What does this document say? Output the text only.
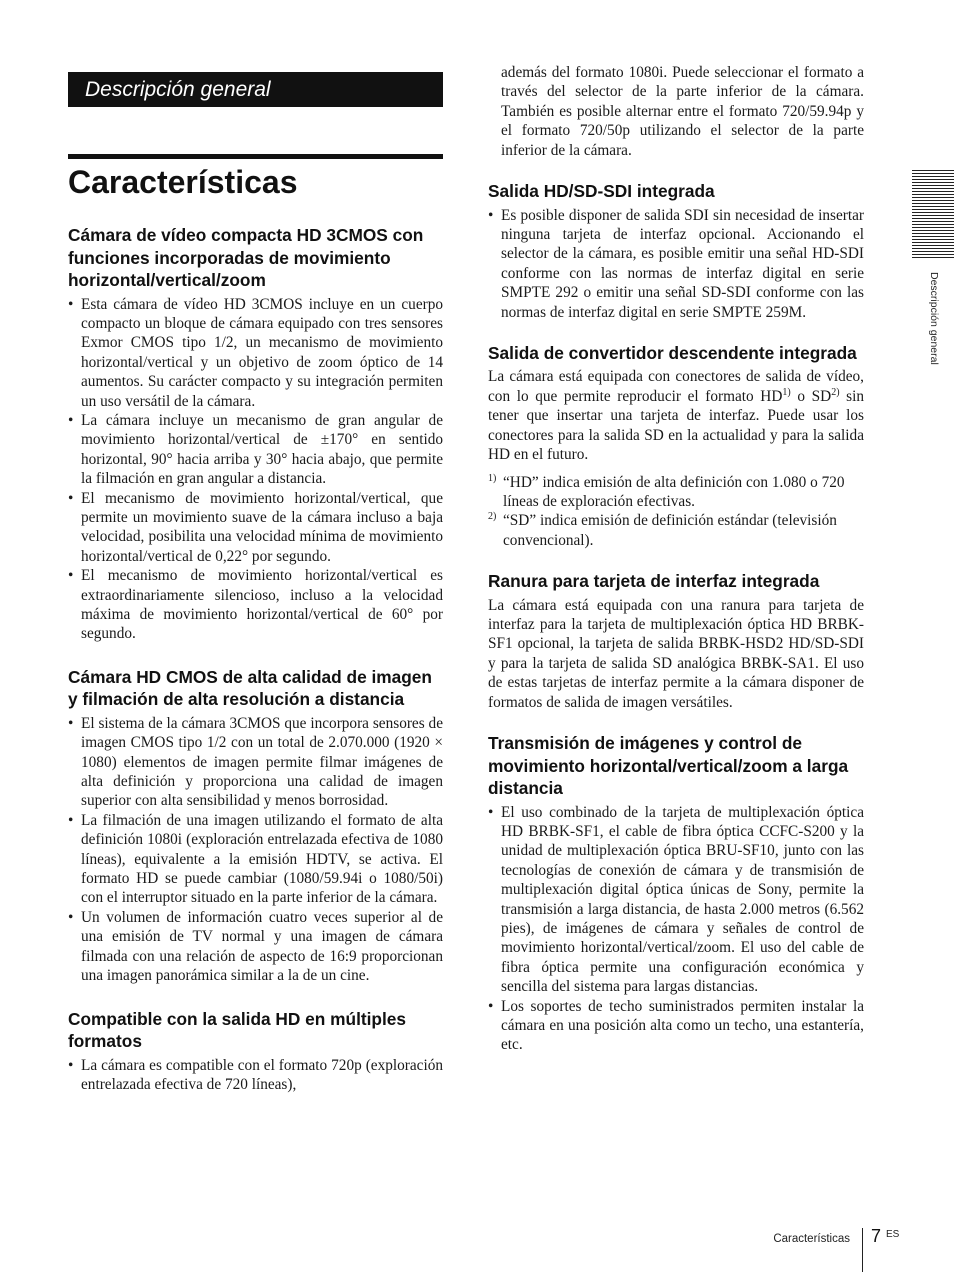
Descripción general
Características
Cámara de vídeo compacta HD 3CMOS con funciones incorporadas de movimiento horizontal/vertical/zoom
• Esta cámara de vídeo HD 3CMOS incluye en un cuerpo compacto un bloque de cámara equipado con tres sensores Exmor CMOS tipo 1/2, un mecanismo de movimiento horizontal/vertical y un objetivo de zoom óptico de 14 aumentos. Su carácter compacto y su integración permiten un uso versátil de la cámara.
• La cámara incluye un mecanismo de gran angular de movimiento horizontal/vertical de ±170° en sentido horizontal, 90° hacia arriba y 30° hacia abajo, que permite la filmación en gran angular a distancia.
• El mecanismo de movimiento horizontal/vertical, que permite un movimiento suave de la cámara incluso a baja velocidad, posibilita una velocidad mínima de movimiento horizontal/vertical de 0,22° por segundo.
• El mecanismo de movimiento horizontal/vertical es extraordinariamente silencioso, incluso a la velocidad máxima de movimiento horizontal/vertical de 60° por segundo.
Cámara HD CMOS de alta calidad de imagen y filmación de alta resolución a distancia
• El sistema de la cámara 3CMOS que incorpora sensores de imagen CMOS tipo 1/2 con un total de 2.070.000 (1920 × 1080) elementos de imagen permite filmar imágenes de alta definición y proporciona una calidad de imagen superior con alta sensibilidad y menos borrosidad.
• La filmación de una imagen utilizando el formato de alta definición 1080i (exploración entrelazada efectiva de 1080 líneas), equivalente a la emisión HDTV, se activa. El formato HD se puede cambiar (1080/59.94i o 1080/50i) con el interruptor situado en la parte inferior de la cámara.
• Un volumen de información cuatro veces superior al de una emisión de TV normal y una imagen de cámara filmada con una relación de aspecto de 16:9 proporcionan una imagen panorámica similar a la de un cine.
Compatible con la salida HD en múltiples formatos
• La cámara es compatible con el formato 720p (exploración entrelazada efectiva de 720 líneas),

además del formato 1080i. Puede seleccionar el formato a través del selector de la parte inferior de la cámara. También es posible alternar entre el formato 720/59.94p y el formato 720/50p utilizando el selector de la parte inferior de la cámara.

Salida HD/SD-SDI integrada
• Es posible disponer de salida SDI sin necesidad de insertar ninguna tarjeta de interfaz opcional. Accionando el selector de la cámara, es posible emitir una señal HD-SDI conforme con las normas de interfaz digital en serie SMPTE 292 o emitir una señal SD-SDI conforme con las normas de interfaz digital en serie SMPTE 259M.
Salida de convertidor descendente integrada

La cámara está equipada con conectores de salida de vídeo, con lo que permite reproducir el formato HD$^{1)}$ o SD$^{2)}$ sin tener que insertar una tarjeta de interfaz. Puede usar los conectores para la salida SD en la actualidad y para la salida HD en el futuro.

1) “HD” indica emisión de alta definición con 1.080 o 720 líneas de exploración efectivas.

2) “SD” indica emisión de definición estándar (televisión convencional).

Ranura para tarjeta de interfaz integrada

La cámara está equipada con una ranura para tarjeta de interfaz para la tarjeta de multiplexación óptica HD BRBK-SF1 opcional, la tarjeta de salida BRBK-HSD2 HD/SD-SDI y para la tarjeta de salida SD analógica BRBK-SA1. El uso de estas tarjetas de interfaz permite a la cámara disponer de formatos de salida de imagen versátiles.

Transmisión de imágenes y control de movimiento horizontal/vertical/zoom a larga distancia
• El uso combinado de la tarjeta de multiplexación óptica HD BRBK-SF1, el cable de fibra óptica CCFC-S200 y la unidad de multiplexación óptica BRU-SF10, junto con las tecnologías de conexión de cámara y de transmisión de multiplexación digital óptica únicas de Sony, permite la transmisión a larga distancia, de hasta 2.000 metros (6.562 pies), de imágenes de cámara y señales de control de movimiento horizontal/vertical/zoom. El uso del cable de fibra óptica permite una configuración económica y sencilla del sistema para largas distancias.
• Los soportes de techo suministrados permiten instalar la cámara en una posición alta como un techo, una estantería, etc.
Descripción general
Características 7 ES
